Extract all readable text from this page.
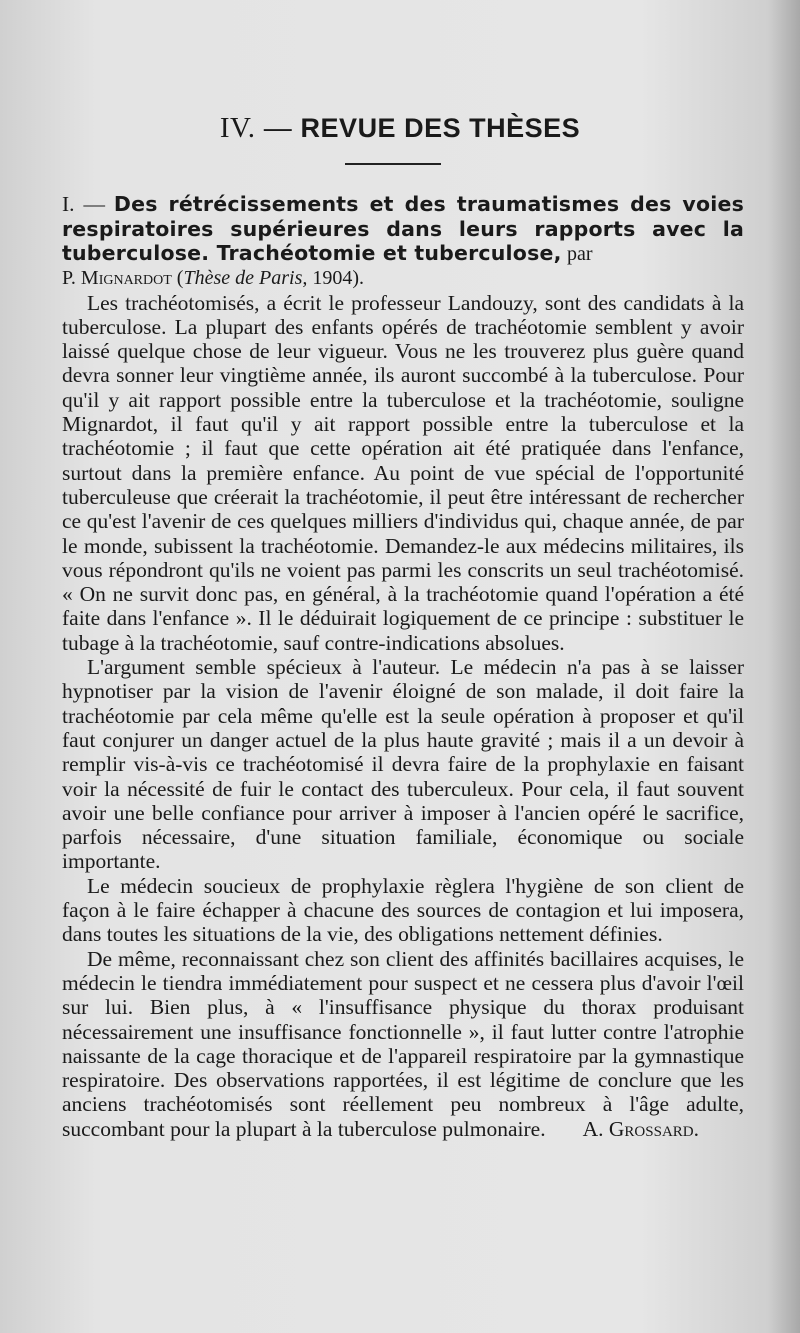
IV. — REVUE DES THÈSES

I. — Des rétrécissements et des traumatismes des voies respiratoires supérieures dans leurs rapports avec la tuberculose. Trachéotomie et tuberculose, par

P. Mignardot (Thèse de Paris, 1904).

Les trachéotomisés, a écrit le professeur Landouzy, sont des candidats à la tuberculose. La plupart des enfants opérés de trachéotomie semblent y avoir laissé quelque chose de leur vigueur. Vous ne les trouverez plus guère quand devra sonner leur vingtième année, ils auront succombé à la tuberculose. Pour qu'il y ait rapport possible entre la tuberculose et la trachéotomie, souligne Mignardot, il faut qu'il y ait rapport possible entre la tuberculose et la trachéotomie ; il faut que cette opération ait été pratiquée dans l'enfance, surtout dans la première enfance. Au point de vue spécial de l'opportunité tuberculeuse que créerait la trachéotomie, il peut être intéressant de rechercher ce qu'est l'avenir de ces quelques milliers d'individus qui, chaque année, de par le monde, subissent la trachéotomie. Demandez-le aux médecins militaires, ils vous répondront qu'ils ne voient pas parmi les conscrits un seul trachéotomisé. « On ne survit donc pas, en général, à la trachéotomie quand l'opération a été faite dans l'enfance ». Il le déduirait logiquement de ce principe : substituer le tubage à la trachéotomie, sauf contre-indications absolues.

L'argument semble spécieux à l'auteur. Le médecin n'a pas à se laisser hypnotiser par la vision de l'avenir éloigné de son malade, il doit faire la trachéotomie par cela même qu'elle est la seule opération à proposer et qu'il faut conjurer un danger actuel de la plus haute gravité ; mais il a un devoir à remplir vis-à-vis ce trachéotomisé il devra faire de la prophylaxie en faisant voir la nécessité de fuir le contact des tuberculeux. Pour cela, il faut souvent avoir une belle confiance pour arriver à imposer à l'ancien opéré le sacrifice, parfois nécessaire, d'une situation familiale, économique ou sociale importante.

Le médecin soucieux de prophylaxie règlera l'hygiène de son client de façon à le faire échapper à chacune des sources de contagion et lui imposera, dans toutes les situations de la vie, des obligations nettement définies.

De même, reconnaissant chez son client des affinités bacillaires acquises, le médecin le tiendra immédiatement pour suspect et ne cessera plus d'avoir l'œil sur lui. Bien plus, à « l'insuffisance physique du thorax produisant nécessairement une insuffisance fonctionnelle », il faut lutter contre l'atrophie naissante de la cage thoracique et de l'appareil respiratoire par la gymnastique respiratoire. Des observations rapportées, il est légitime de conclure que les anciens trachéotomisés sont réellement peu nombreux à l'âge adulte, succombant pour la plupart à la tuberculose pulmonaire.	A. Grossard.
